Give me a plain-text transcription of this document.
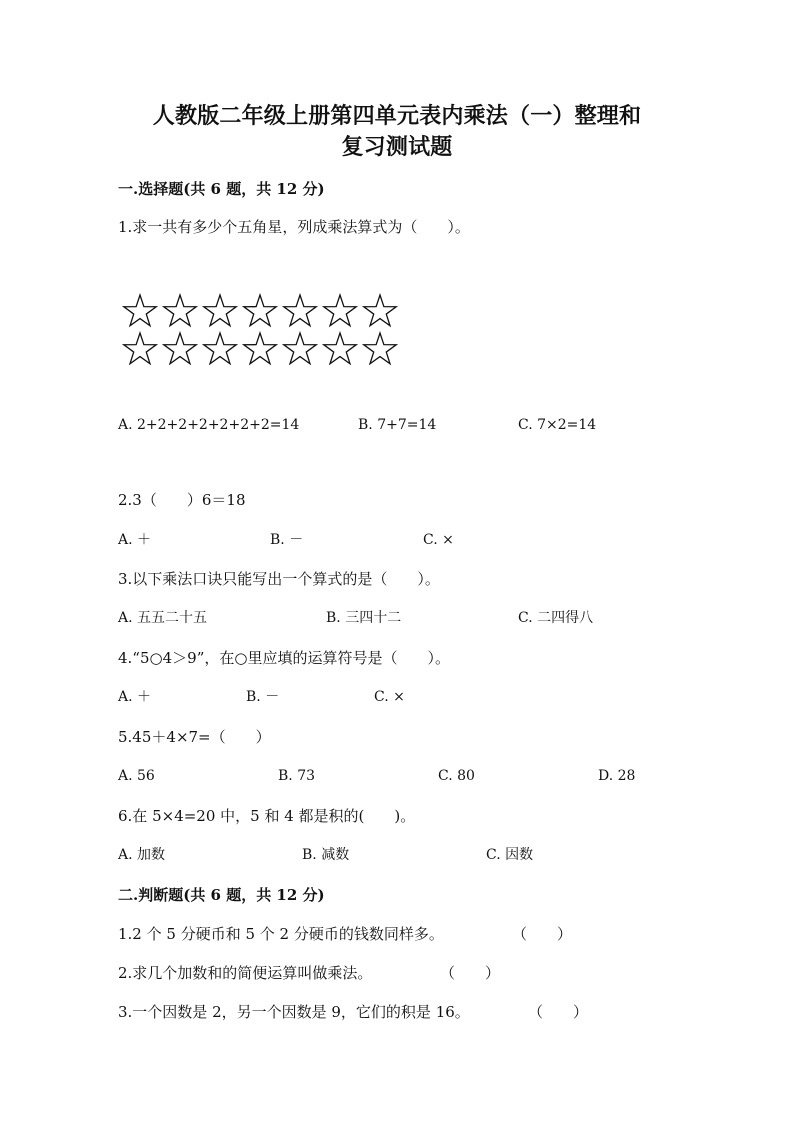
人教版二年级上册第四单元表内乘法（一）整理和
复习测试题
一.选择题(共 6 题，共 12 分)
1.求一共有多少个五角星，列成乘法算式为（　　）。
A. 2+2+2+2+2+2+2=14	B. 7+7=14	C. 7×2=14
2.3（　　）6＝18
A. ＋	B. －	C. ×
3.以下乘法口诀只能写出一个算式的是（　　）。
A. 五五二十五	B. 三四十二	C. 二四得八
4.“5○4＞9”，在○里应填的运算符号是（　　）。
A. ＋	B. －	C. ×
5.45＋4×7=（　　）
A. 56	B. 73	C. 80	D. 28
6.在 5×4=20 中，5 和 4 都是积的(　　)。
A. 加数	B. 减数	C. 因数
二.判断题(共 6 题，共 12 分)
1.2 个 5 分硬币和 5 个 2 分硬币的钱数同样多。	（　　）
2.求几个加数和的简便运算叫做乘法。	（　　）
3.一个因数是 2，另一个因数是 9，它们的积是 16。	（　　）
